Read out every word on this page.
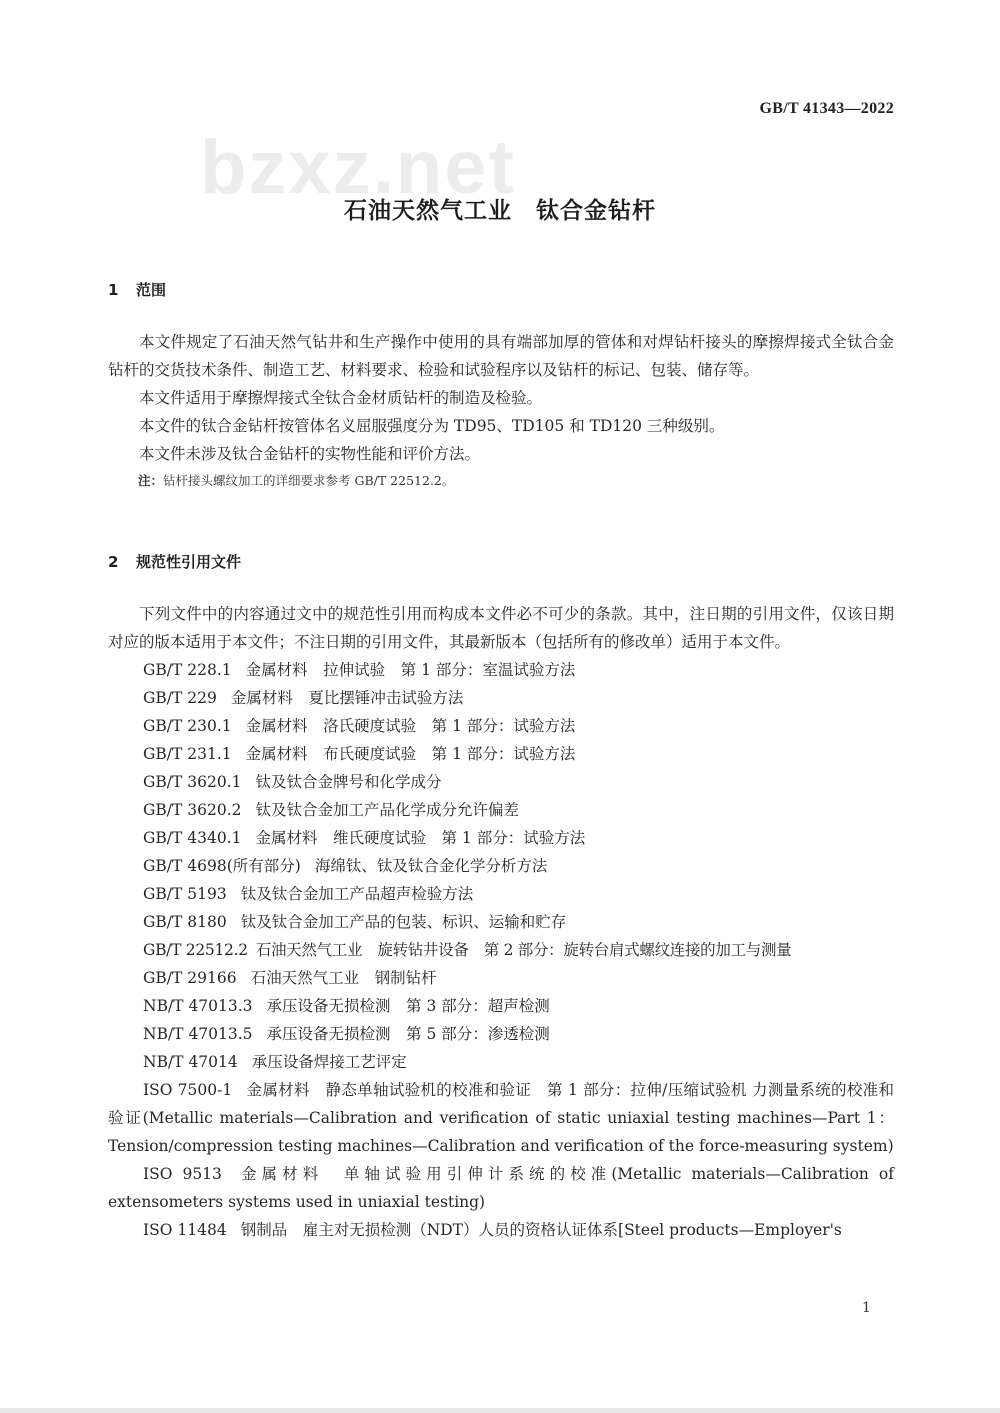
bzxz.net
GB/T 41343—2022
石油天然气工业　钛合金钻杆
1 范围

本文件规定了石油天然气钻井和生产操作中使用的具有端部加厚的管体和对焊钻杆接头的摩擦焊接式全钛合金钻杆的交货技术条件、制造工艺、材料要求、检验和试验程序以及钻杆的标记、包装、储存等。

本文件适用于摩擦焊接式全钛合金材质钻杆的制造及检验。

本文件的钛合金钻杆按管体名义屈服强度分为 TD95、TD105 和 TD120 三种级别。

本文件未涉及钛合金钻杆的实物性能和评价方法。

注：钻杆接头螺纹加工的详细要求参考 GB/T 22512.2。

2 规范性引用文件

下列文件中的内容通过文中的规范性引用而构成本文件必不可少的条款。其中，注日期的引用文件，仅该日期对应的版本适用于本文件；不注日期的引用文件，其最新版本（包括所有的修改单）适用于本文件。

GB/T 228.1 金属材料　拉伸试验　第 1 部分：室温试验方法

GB/T 229 金属材料　夏比摆锤冲击试验方法

GB/T 230.1 金属材料　洛氏硬度试验　第 1 部分：试验方法

GB/T 231.1 金属材料　布氏硬度试验　第 1 部分：试验方法

GB/T 3620.1 钛及钛合金牌号和化学成分

GB/T 3620.2 钛及钛合金加工产品化学成分允许偏差

GB/T 4340.1 金属材料　维氏硬度试验　第 1 部分：试验方法

GB/T 4698(所有部分) 海绵钛、钛及钛合金化学分析方法

GB/T 5193 钛及钛合金加工产品超声检验方法

GB/T 8180 钛及钛合金加工产品的包装、标识、运输和贮存

GB/T 22512.2 石油天然气工业　旋转钻井设备　第 2 部分：旋转台肩式螺纹连接的加工与测量

GB/T 29166 石油天然气工业　钢制钻杆

NB/T 47013.3 承压设备无损检测　第 3 部分：超声检测

NB/T 47013.5 承压设备无损检测　第 5 部分：渗透检测

NB/T 47014 承压设备焊接工艺评定

ISO 7500-1 金属材料　静态单轴试验机的校准和验证　第 1 部分：拉伸/压缩试验机 力测量系统的校准和验证(Metallic materials—Calibration and verification of static uniaxial testing machines—Part 1：Tension/compression testing machines—Calibration and verification of the force-measuring system)

ISO 9513 金属材料　单轴试验用引伸计系统的校准(Metallic materials—Calibration of extensometers systems used in uniaxial testing)

ISO 11484 钢制品　雇主对无损检测（NDT）人员的资格认证体系[Steel products—Employer's

1
